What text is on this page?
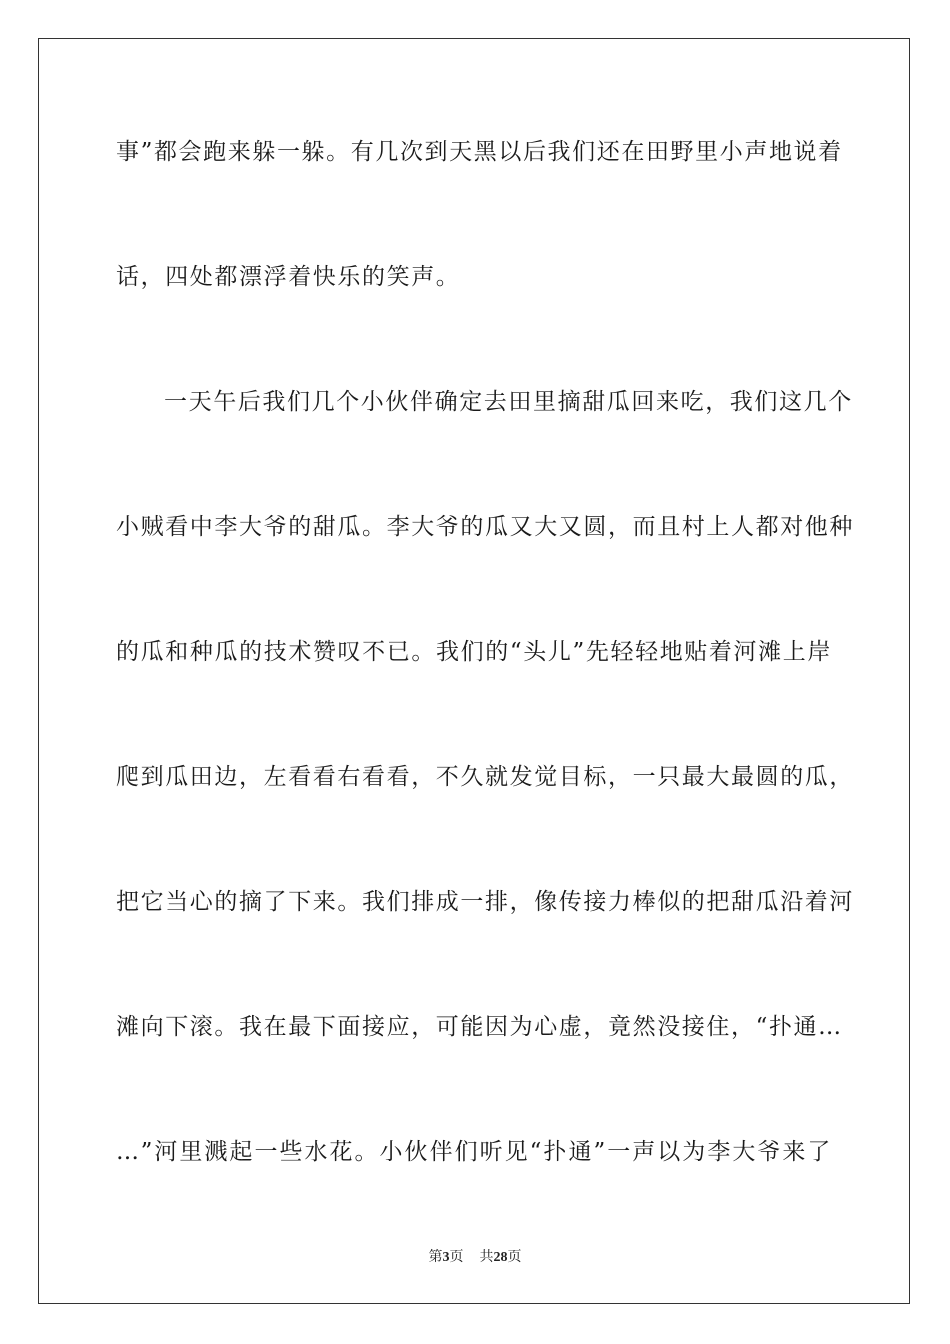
事”都会跑来躲一躲。有几次到天黑以后我们还在田野里小声地说着
话，四处都漂浮着快乐的笑声。
一天午后我们几个小伙伴确定去田里摘甜瓜回来吃，我们这几个
小贼看中李大爷的甜瓜。李大爷的瓜又大又圆，而且村上人都对他种
的瓜和种瓜的技术赞叹不已。我们的“头儿”先轻轻地贴着河滩上岸
爬到瓜田边，左看看右看看，不久就发觉目标，一只最大最圆的瓜，
把它当心的摘了下来。我们排成一排，像传接力棒似的把甜瓜沿着河
滩向下滚。我在最下面接应，可能因为心虚，竟然没接住，“扑通…
…”河里溅起一些水花。小伙伴们听见“扑通”一声以为李大爷来了
第3页 共28页
